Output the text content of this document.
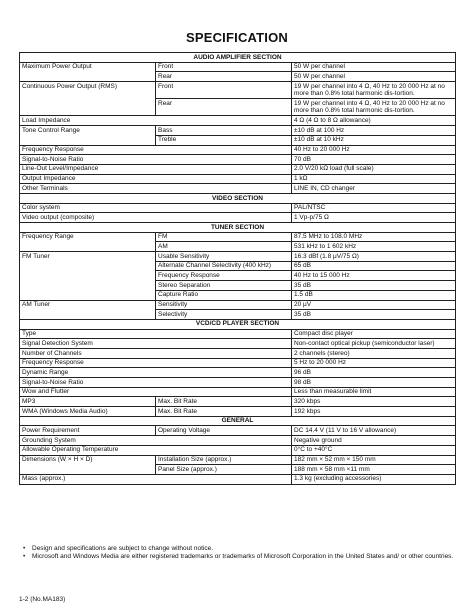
SPECIFICATION
AUDIO AMPLIFIER SECTION		
Maximum Power Output	Front	50 W per channel
	Rear	50 W per channel
Continuous Power Output (RMS)	Front	19 W per channel into 4 Ω, 40 Hz to 20 000 Hz at no more than 0.8% total harmonic dis-tortion.
	Rear	19 W per channel into 4 Ω, 40 Hz to 20 000 Hz at no more than 0.8% total harmonic dis-tortion.
Load Impedance		4 Ω (4 Ω to 8 Ω allowance)
Tone Control Range	Bass	±10 dB at 100 Hz
	Treble	±10 dB at 10 kHz
Frequency Response		40 Hz to 20 000 Hz
Signal-to-Noise Ratio		70 dB
Line-Out Level/Impedance		2.0 V/20 kΩ load (full scale)
Output Impedance		1 kΩ
Other Terminals		LINE IN, CD changer
VIDEO SECTION		
Color system		PAL/NTSC
Video output (composite)		1 Vp-p/75 Ω
TUNER SECTION		
Frequency Range	FM	87.5 MHz to 108.0 MHz
	AM	531 kHz to 1 602 kHz
FM Tuner	Usable Sensitivity	16.3 dBf (1.8 μV/75 Ω)
	Alternate Channel Selectivity (400 kHz)	65 dB
	Frequency Response	40 Hz to 15 000 Hz
	Stereo Separation	35 dB
	Capture Ratio	1.5 dB
AM Tuner	Sensitivity	20 μV
	Selectivity	35 dB
VCD/CD PLAYER SECTION		
Type		Compact disc player
Signal Detection System		Non-contact optical pickup (semiconductor laser)
Number of Channels		2 channels (stereo)
Frequency Response		5 Hz to 20 000 Hz
Dynamic Range		96 dB
Signal-to-Noise Ratio		98 dB
Wow and Flutter		Less than measurable limit
MP3	Max. Bit Rate	320 kbps
WMA (Windows Media Audio)	Max. Bit Rate	192 kbps
GENERAL		
Power Requirement	Operating Voltage	DC 14.4 V (11 V to 16 V allowance)
Grounding System		Negative ground
Allowable Operating Temperature		0°C to +40°C
Dimensions (W × H × D)	Installation Size (approx.)	182 mm × 52 mm × 150 mm
	Panel Size (approx.)	188 mm × 58 mm ×11 mm
Mass (approx.)		1.3 kg (excluding accessories)
• Design and specifications are subject to change without notice.
• Microsoft and Windows Media are either registered trademarks or trademarks of Microsoft Corporation in the United States and/ or other countries.
1-2 (No.MA183)
